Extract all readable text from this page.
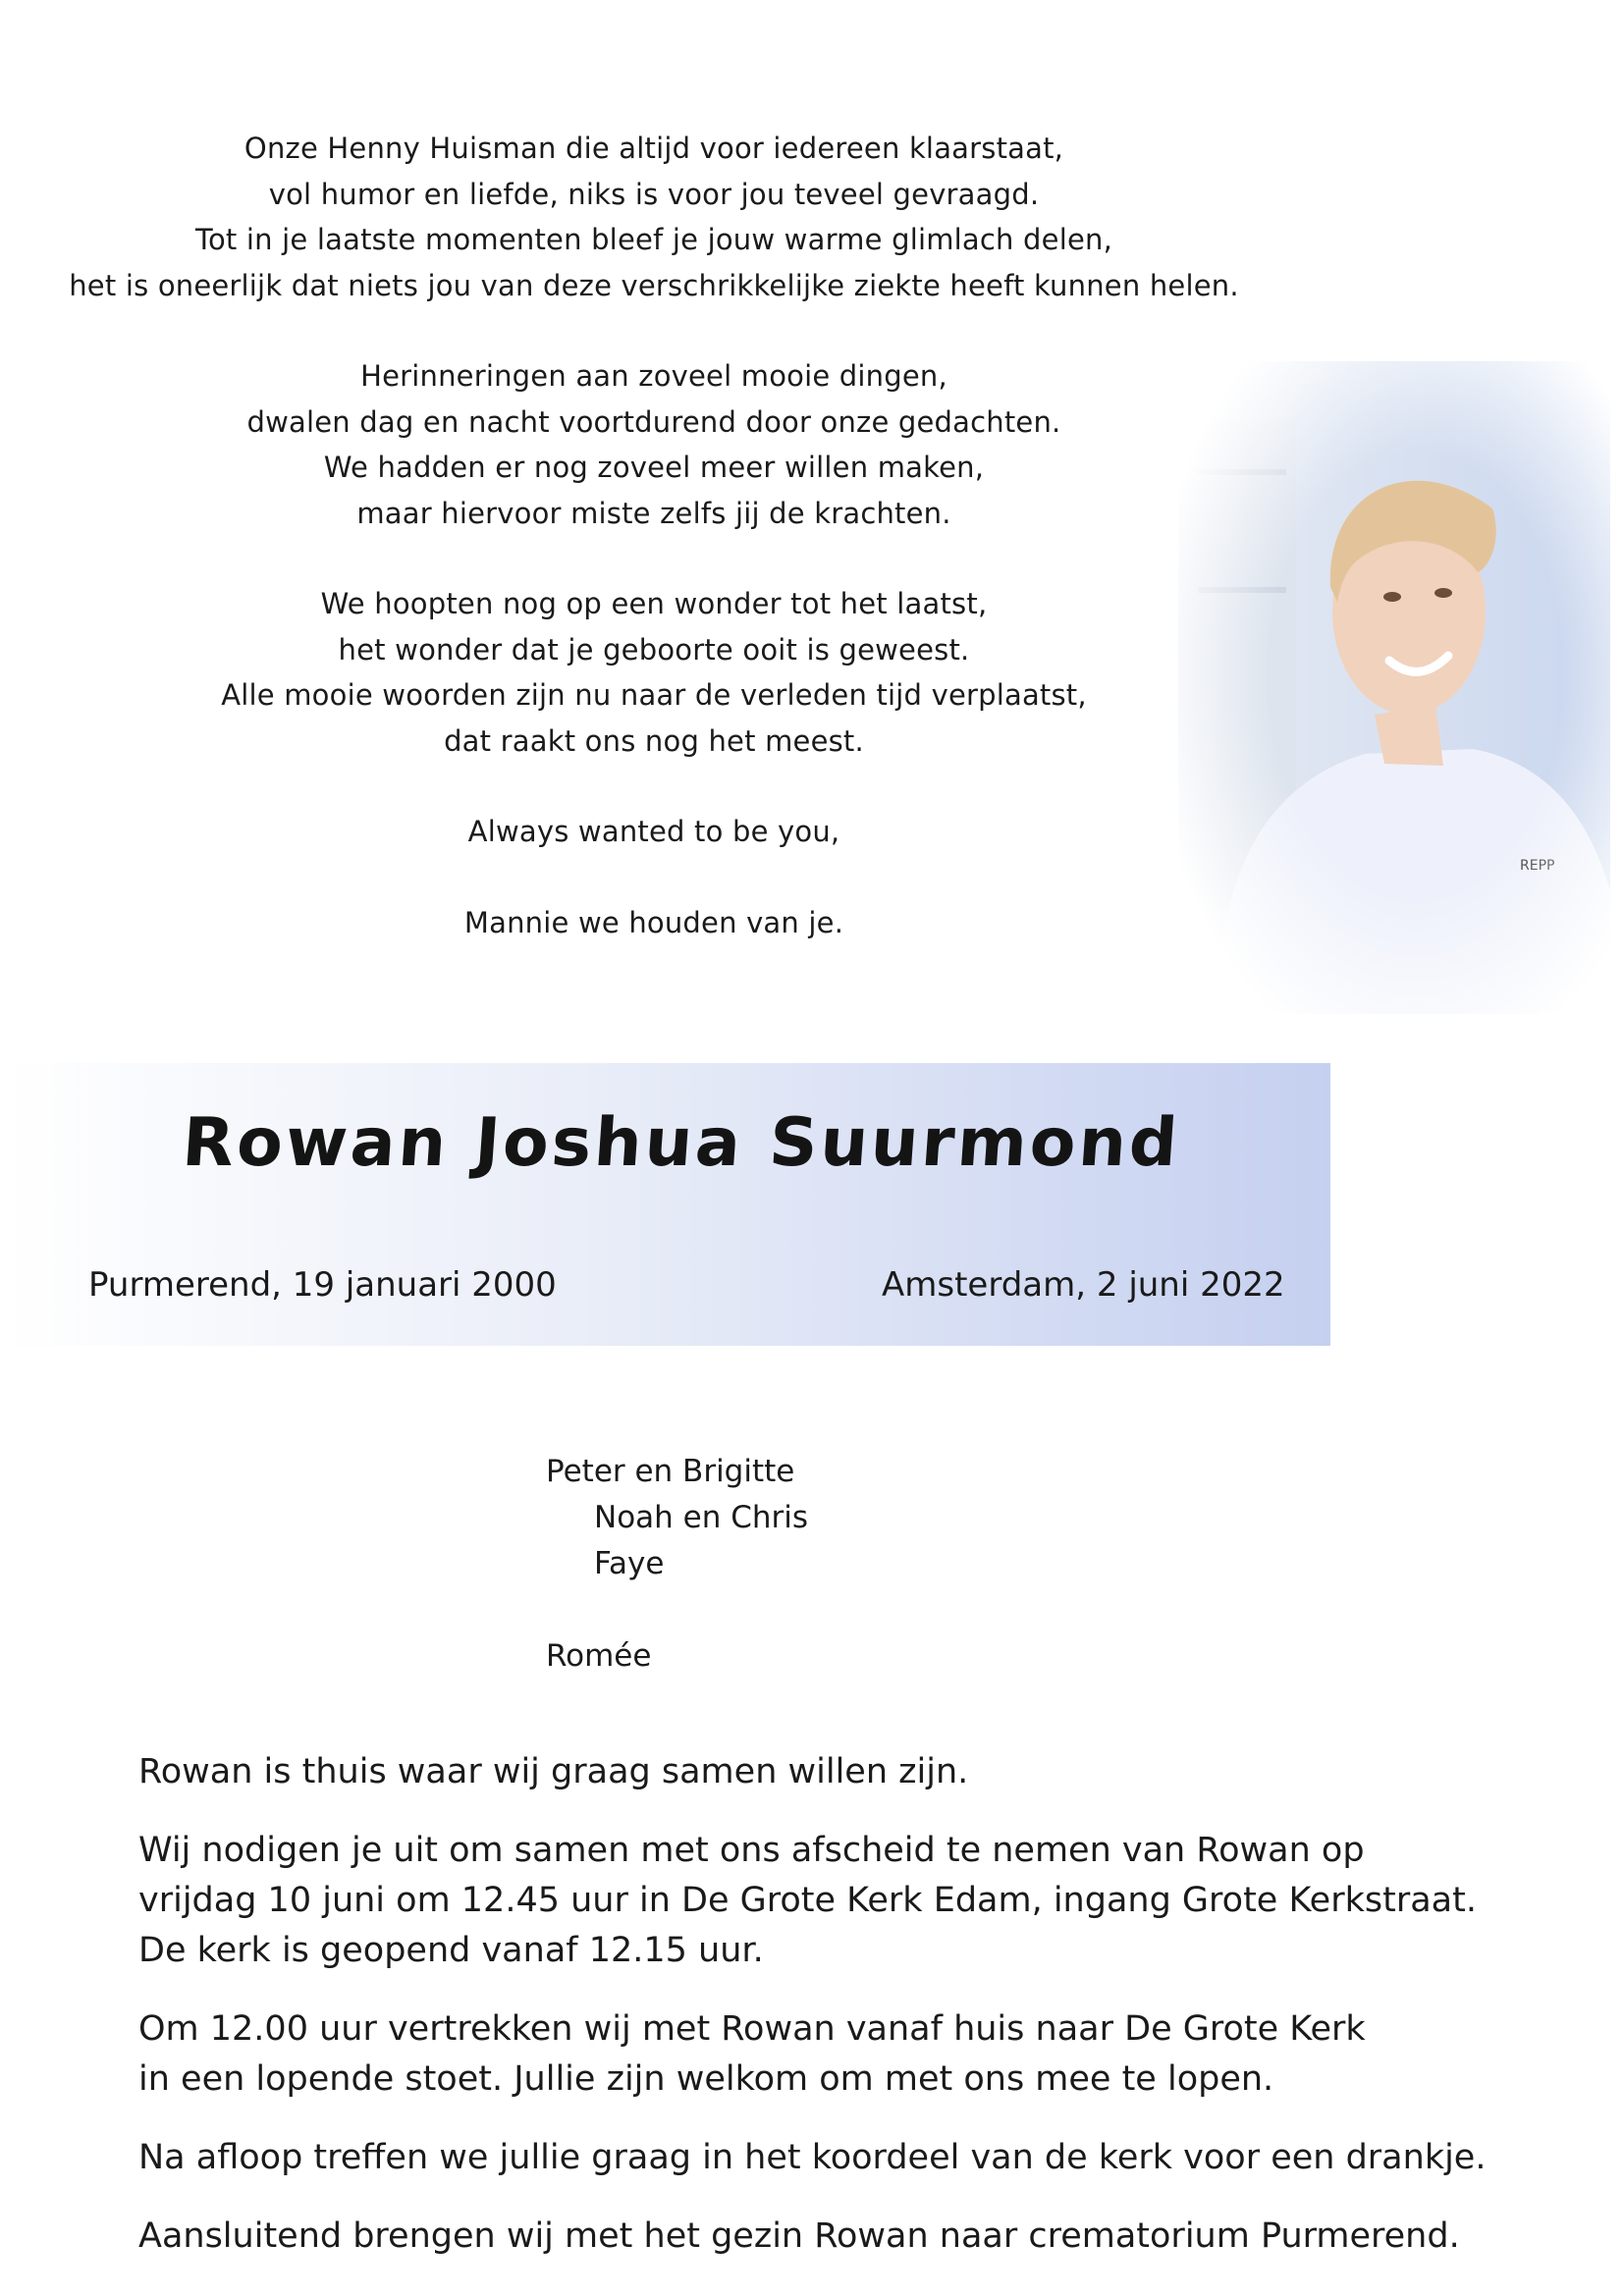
Onze Henny Huisman die altijd voor iedereen klaarstaat,
vol humor en liefde, niks is voor jou teveel gevraagd.
Tot in je laatste momenten bleef je jouw warme glimlach delen,
het is oneerlijk dat niets jou van deze verschrikkelijke ziekte heeft kunnen helen.
Herinneringen aan zoveel mooie dingen,
dwalen dag en nacht voortdurend door onze gedachten.
We hadden er nog zoveel meer willen maken,
maar hiervoor miste zelfs jij de krachten.
We hoopten nog op een wonder tot het laatst,
het wonder dat je geboorte ooit is geweest.
Alle mooie woorden zijn nu naar de verleden tijd verplaatst,
dat raakt ons nog het meest.
Always wanted to be you,
Mannie we houden van je.
Rowan Joshua Suurmond
Purmerend, 19 januari 2000	Amsterdam, 2 juni 2022
Peter en Brigitte
Noah en Chris
Faye
Romée

Rowan is thuis waar wij graag samen willen zijn.

Wij nodigen je uit om samen met ons afscheid te nemen van Rowan op
vrijdag 10 juni om 12.45 uur in De Grote Kerk Edam, ingang Grote Kerkstraat.
De kerk is geopend vanaf 12.15 uur.

Om 12.00 uur vertrekken wij met Rowan vanaf huis naar De Grote Kerk
in een lopende stoet. Jullie zijn welkom om met ons mee te lopen.

Na afloop treffen we jullie graag in het koordeel van de kerk voor een drankje.

Aansluitend brengen wij met het gezin Rowan naar crematorium Purmerend.
